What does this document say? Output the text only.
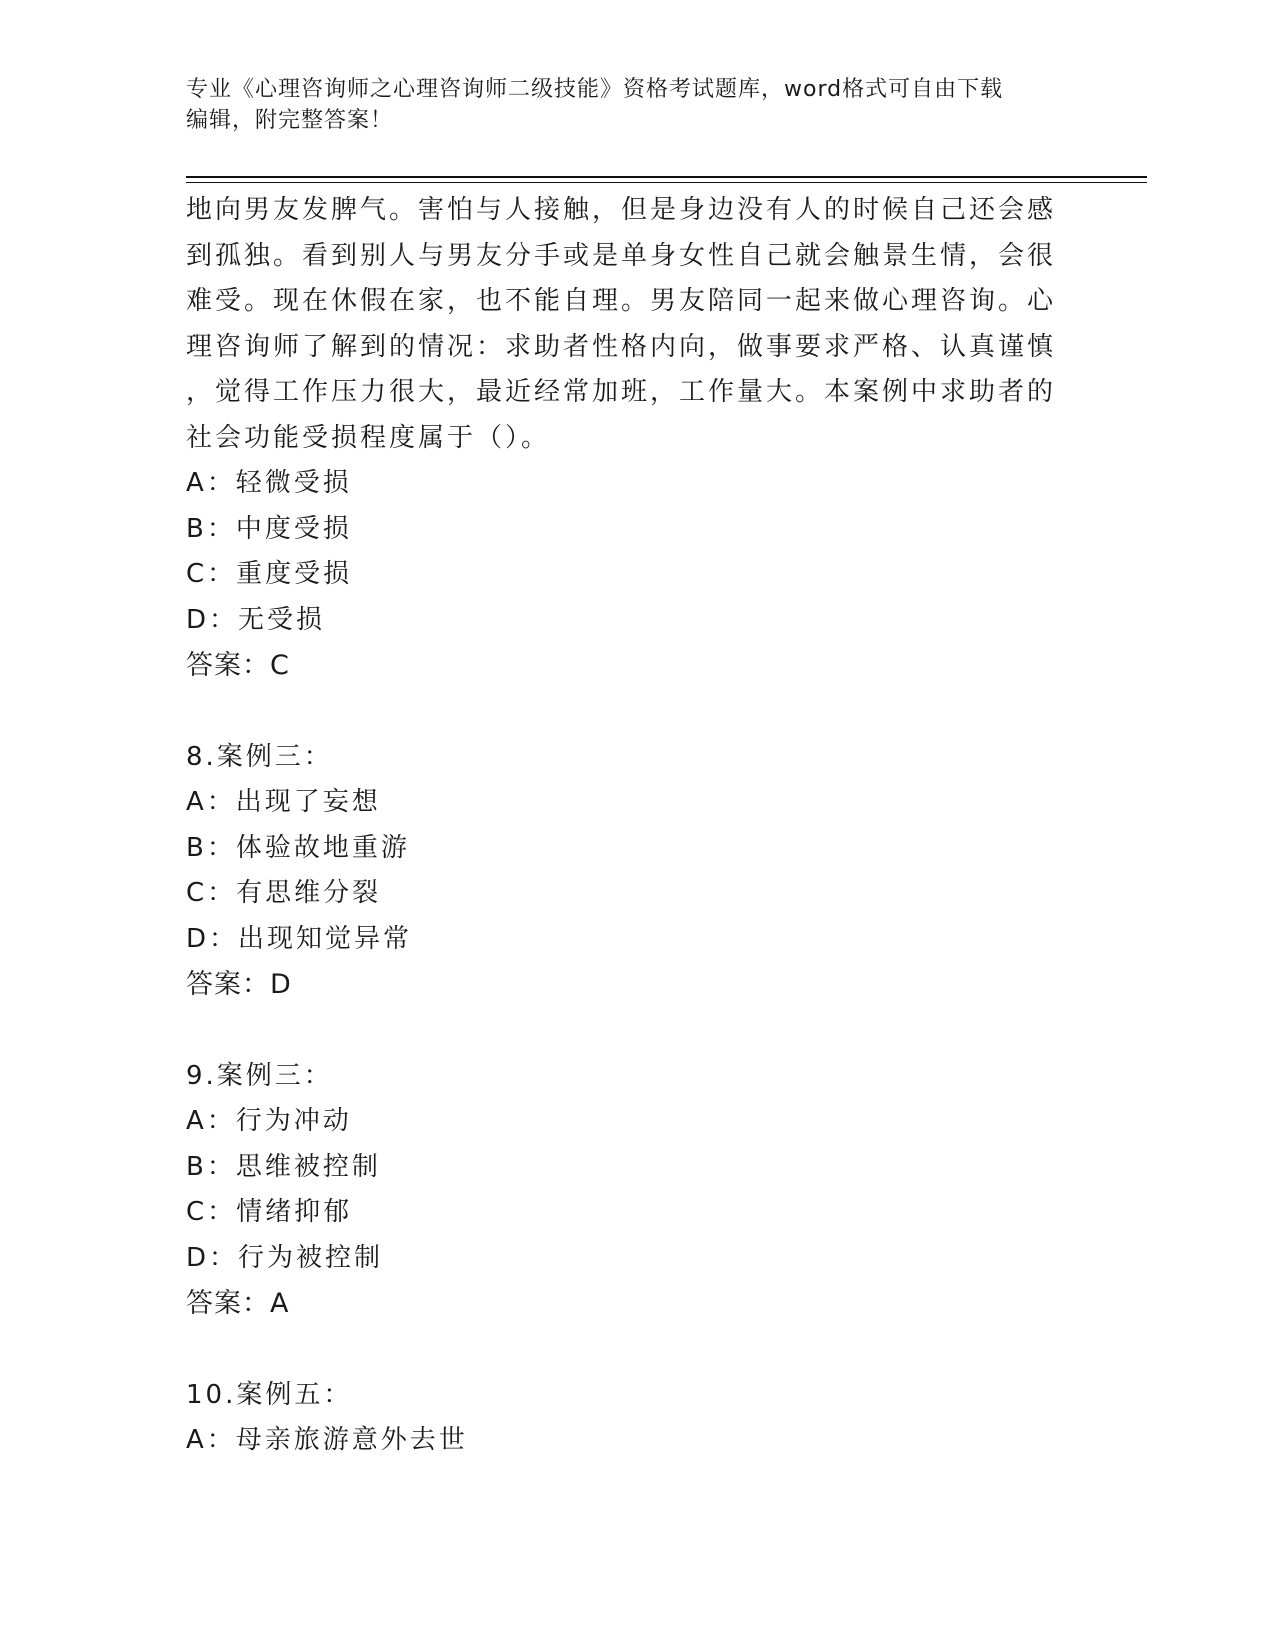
专业《心理咨询师之心理咨询师二级技能》资格考试题库，word格式可自由下载
编辑，附完整答案！
地向男友发脾气。害怕与人接触，但是身边没有人的时候自己还会感
到孤独。看到别人与男友分手或是单身女性自己就会触景生情，会很
难受。现在休假在家，也不能自理。男友陪同一起来做心理咨询。心
理咨询师了解到的情况：求助者性格内向，做事要求严格、认真谨慎
，觉得工作压力很大，最近经常加班，工作量大。本案例中求助者的
社会功能受损程度属于（）。
A：轻微受损
B：中度受损
C：重度受损
D：无受损
答案：C
8.案例三：
A：出现了妄想
B：体验故地重游
C：有思维分裂
D：出现知觉异常
答案：D
9.案例三：
A：行为冲动
B：思维被控制
C：情绪抑郁
D：行为被控制
答案：A
10.案例五：
A：母亲旅游意外去世
